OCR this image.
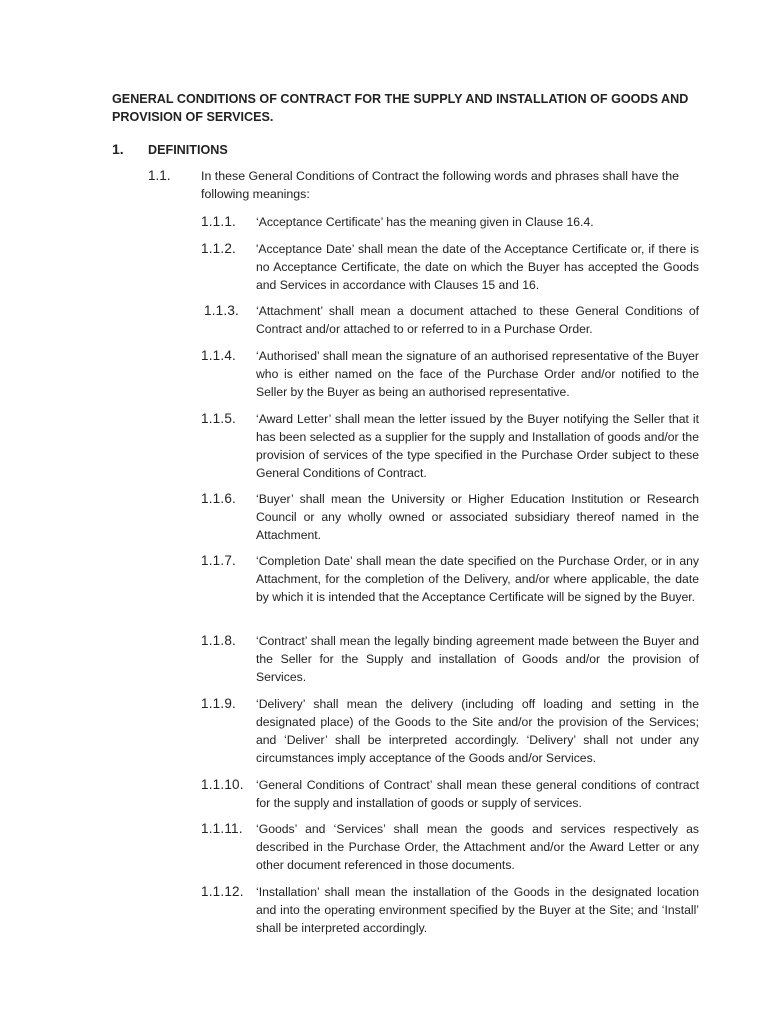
GENERAL CONDITIONS OF CONTRACT FOR THE SUPPLY AND INSTALLATION OF GOODS AND PROVISION OF SERVICES.

1. DEFINITIONS
1.1. In these General Conditions of Contract the following words and phrases shall have the following meanings:
1.1.1. ‘Acceptance Certificate’ has the meaning given in Clause 16.4.
1.1.2. 'Acceptance Date’ shall mean the date of the Acceptance Certificate or, if there is no Acceptance Certificate, the date on which the Buyer has accepted the Goods and Services in accordance with Clauses 15 and 16.
1.1.3. ‘Attachment’ shall mean a document attached to these General Conditions of Contract and/or attached to or referred to in a Purchase Order.
1.1.4. ‘Authorised’ shall mean the signature of an authorised representative of the Buyer who is either named on the face of the Purchase Order and/or notified to the Seller by the Buyer as being an authorised representative.
1.1.5. ‘Award Letter’ shall mean the letter issued by the Buyer notifying the Seller that it has been selected as a supplier for the supply and Installation of goods and/or the provision of services of the type specified in the Purchase Order subject to these General Conditions of Contract.
1.1.6. ‘Buyer’ shall mean the University or Higher Education Institution or Research Council or any wholly owned or associated subsidiary thereof named in the Attachment.
1.1.7. ‘Completion Date’ shall mean the date specified on the Purchase Order, or in any Attachment, for the completion of the Delivery, and/or where applicable, the date by which it is intended that the Acceptance Certificate will be signed by the Buyer.
1.1.8. ‘Contract’ shall mean the legally binding agreement made between the Buyer and the Seller for the Supply and installation of Goods and/or the provision of Services.
1.1.9. ‘Delivery’ shall mean the delivery (including off loading and setting in the designated place) of the Goods to the Site and/or the provision of the Services; and ‘Deliver’ shall be interpreted accordingly. ‘Delivery’ shall not under any circumstances imply acceptance of the Goods and/or Services.
1.1.10. ‘General Conditions of Contract’ shall mean these general conditions of contract for the supply and installation of goods or supply of services.
1.1.11. ‘Goods’ and ‘Services’ shall mean the goods and services respectively as described in the Purchase Order, the Attachment and/or the Award Letter or any other document referenced in those documents.
1.1.12. ‘Installation’ shall mean the installation of the Goods in the designated location and into the operating environment specified by the Buyer at the Site; and ‘Install’ shall be interpreted accordingly.
